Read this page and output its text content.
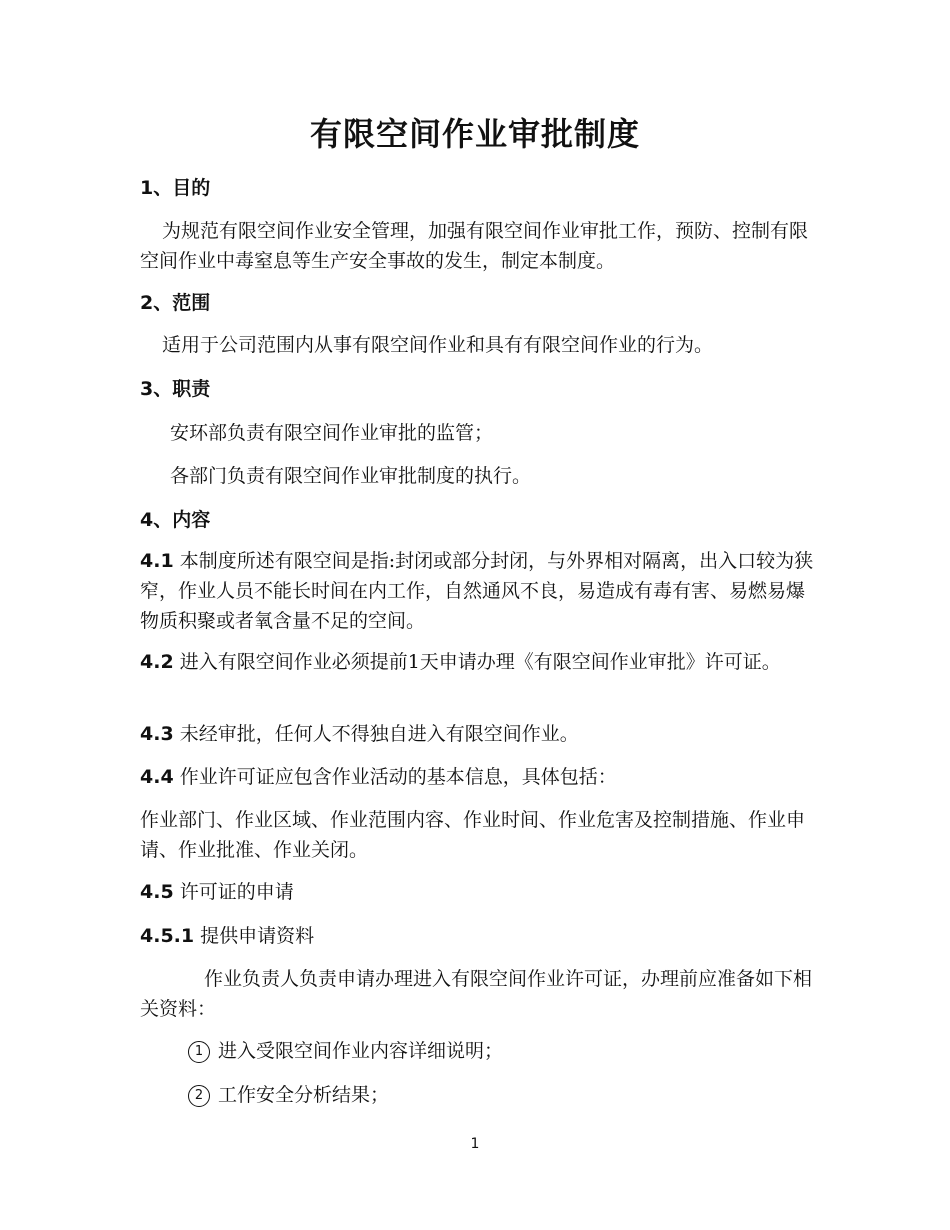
有限空间作业审批制度
1、目的
为规范有限空间作业安全管理，加强有限空间作业审批工作，预防、控制有限空间作业中毒窒息等生产安全事故的发生，制定本制度。
2、范围
适用于公司范围内从事有限空间作业和具有有限空间作业的行为。
3、职责
安环部负责有限空间作业审批的监管；
各部门负责有限空间作业审批制度的执行。
4、内容
4.1 本制度所述有限空间是指:封闭或部分封闭，与外界相对隔离，出入口较为狭窄，作业人员不能长时间在内工作，自然通风不良，易造成有毒有害、易燃易爆物质积聚或者氧含量不足的空间。
4.2 进入有限空间作业必须提前1天申请办理《有限空间作业审批》许可证。
4.3 未经审批，任何人不得独自进入有限空间作业。
4.4 作业许可证应包含作业活动的基本信息，具体包括：
作业部门、作业区域、作业范围内容、作业时间、作业危害及控制措施、作业申请、作业批准、作业关闭。
4.5 许可证的申请
4.5.1 提供申请资料
作业负责人负责申请办理进入有限空间作业许可证，办理前应准备如下相关资料：
1 进入受限空间作业内容详细说明；
2 工作安全分析结果；
1
